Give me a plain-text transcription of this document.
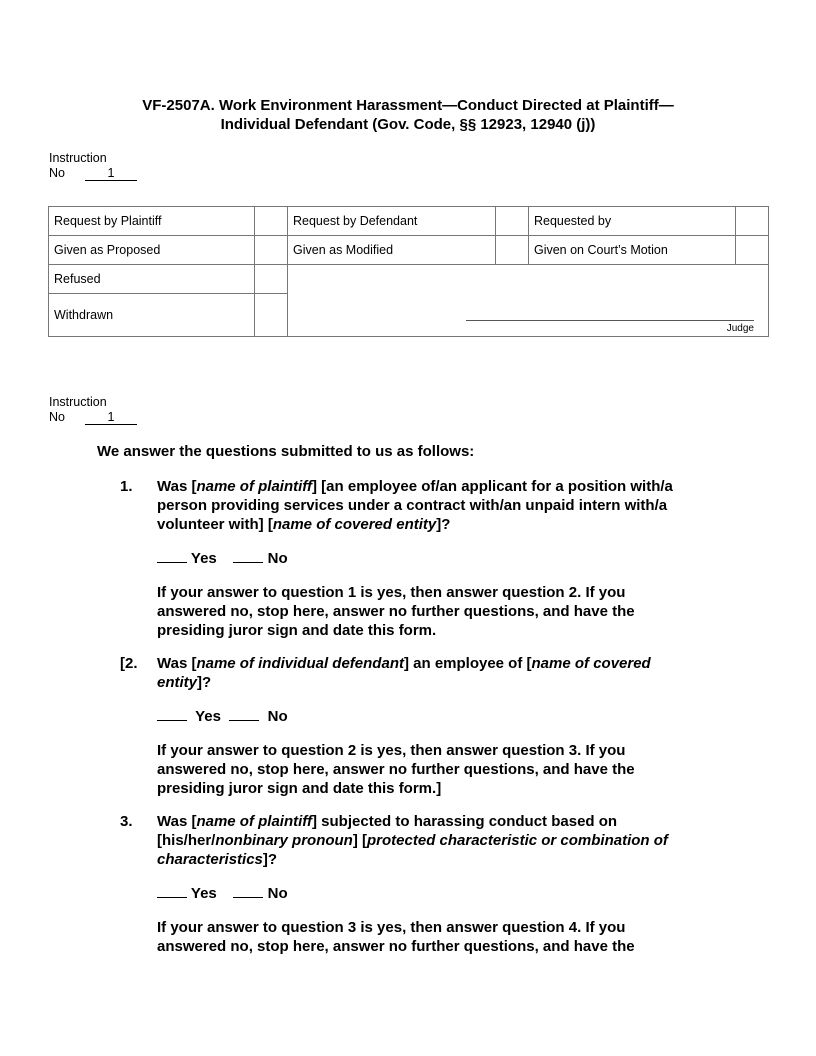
VF-2507A. Work Environment Harassment—Conduct Directed at Plaintiff—
Individual Defendant (Gov. Code, §§ 12923, 12940 (j))
Instruction
No	1
Request by Plaintiff		Request by Defendant		Requested by	
Given as Proposed		Given as Modified		Given on Court’s Motion	
Refused		Judge			

Withdrawn					
Instruction
No	1
We answer the questions submitted to us as follows:
1. Was [name of plaintiff] [an employee of/an applicant for a position with/a person providing services under a contract with/an unpaid intern with/a volunteer with] [name of covered entity]?
Yes	No
If your answer to question 1 is yes, then answer question 2. If you answered no, stop here, answer no further questions, and have the presiding juror sign and date this form.
[2. Was [name of individual defendant] an employee of [name of covered entity]?
Yes	No
If your answer to question 2 is yes, then answer question 3. If you answered no, stop here, answer no further questions, and have the presiding juror sign and date this form.]
3. Was [name of plaintiff] subjected to harassing conduct based on [his/her/nonbinary pronoun] [protected characteristic or combination of characteristics]?
Yes	No
If your answer to question 3 is yes, then answer question 4. If you answered no, stop here, answer no further questions, and have the
